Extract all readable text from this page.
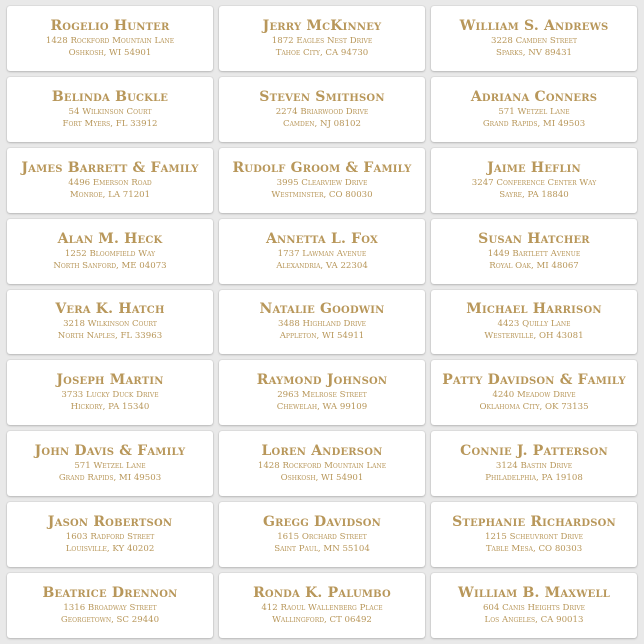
Rogelio Hunter
1428 Rockford Mountain Lane
Oshkosh, WI 54901
Jerry McKinney
1872 Eagles Nest Drive
Tahoe City, CA 94730
William S. Andrews
3228 Camden Street
Sparks, NV 89431
Belinda Buckle
54 Wilkinson Court
Fort Myers, FL 33912
Steven Smithson
2274 Briarwood Drive
Camden, NJ 08102
Adriana Conners
571 Wetzel Lane
Grand Rapids, MI 49503
James Barrett & Family
4496 Emerson Road
Monroe, LA 71201
Rudolf Groom & Family
3995 Clearview Drive
Westminster, CO 80030
Jaime Heflin
3247 Conference Center Way
Sayre, PA 18840
Alan M. Heck
1252 Bloomfield Way
North Sanford, ME 04073
Annetta L. Fox
1737 Lawman Avenue
Alexandria, VA 22304
Susan Hatcher
1449 Bartlett Avenue
Royal Oak, MI 48067
Vera K. Hatch
3218 Wilkinson Court
North Naples, FL 33963
Natalie Goodwin
3488 Highland Drive
Appleton, WI 54911
Michael Harrison
4423 Quilly Lane
Westerville, OH 43081
Joseph Martin
3733 Lucky Duck Drive
Hickory, PA 15340
Raymond Johnson
2963 Melrose Street
Chewelah, WA 99109
Patty Davidson & Family
4240 Meadow Drive
Oklahoma City, OK 73135
John Davis & Family
571 Wetzel Lane
Grand Rapids, MI 49503
Loren Anderson
1428 Rockford Mountain Lane
Oshkosh, WI 54901
Connie J. Patterson
3124 Bastin Drive
Philadelphia, PA 19108
Jason Robertson
1603 Radford Street
Louisville, KY 40202
Gregg Davidson
1615 Orchard Street
Saint Paul, MN 55104
Stephanie Richardson
1215 Scheuvront Drive
Table Mesa, CO 80303
Beatrice Drennon
1316 Broadway Street
Georgetown, SC 29440
Ronda K. Palumbo
412 Raoul Wallenberg Place
Wallingford, CT 06492
William B. Maxwell
604 Canis Heights Drive
Los Angeles, CA 90013
